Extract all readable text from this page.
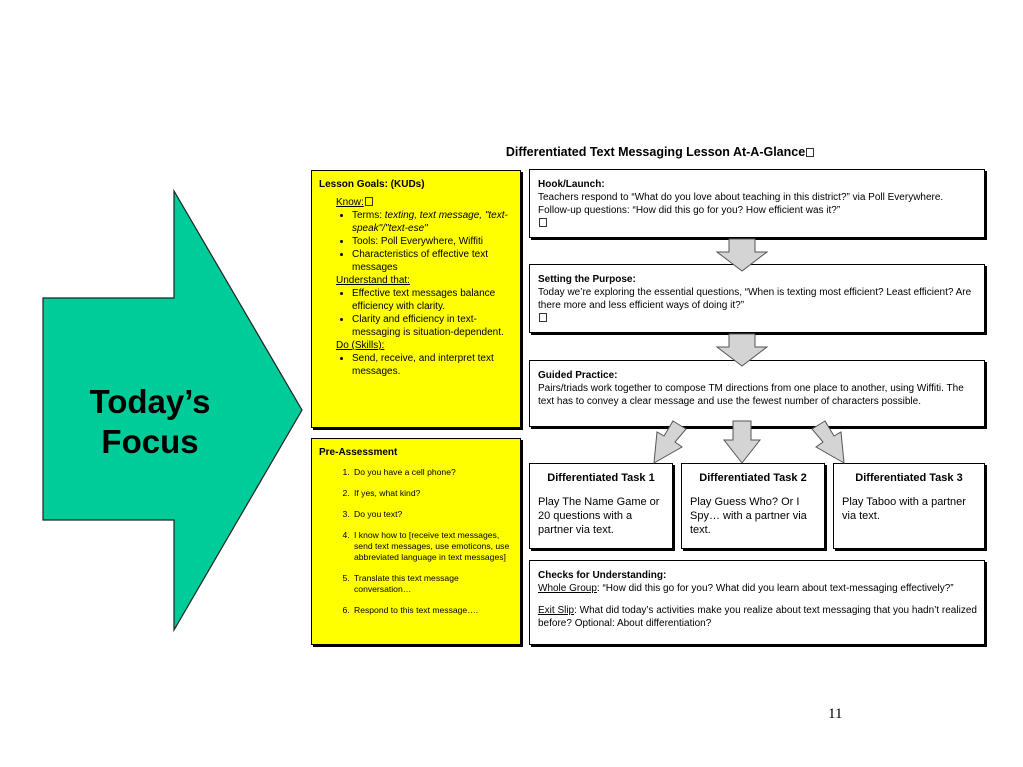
Today’s
Focus
Differentiated Text Messaging Lesson At-A-Glance
Lesson Goals: (KUDs)
Know:
• Terms: texting, text message, "text-speak"/"text-ese"
• Tools: Poll Everywhere, Wiffiti
• Characteristics of effective text messages
Understand that:
• Effective text messages balance efficiency with clarity.
• Clarity and efficiency in text-messaging is situation-dependent.
Do (Skills):
• Send, receive, and interpret text messages.
Pre-Assessment
1. Do you have a cell phone?
2. If yes, what kind?
3. Do you text?
4. I know how to [receive text messages, send text messages, use emoticons, use abbreviated language in text messages]
5. Translate this text message conversation…
6. Respond to this text message….
Hook/Launch:
Teachers respond to “What do you love about teaching in this district?” via Poll Everywhere. Follow-up questions: “How did this go for you? How efficient was it?”
Setting the Purpose:
Today we’re exploring the essential questions, “When is texting most efficient? Least efficient? Are there more and less efficient ways of doing it?”
Guided Practice:
Pairs/triads work together to compose TM directions from one place to another, using Wiffiti. The text has to convey a clear message and use the fewest number of characters possible.
Differentiated Task 1
Play The Name Game or 20 questions with a partner via text.
Differentiated Task 2
Play Guess Who? Or I Spy… with a partner via text.
Differentiated Task 3
Play Taboo with a partner via text.
Checks for Understanding:
Whole Group: “How did this go for you? What did you learn about text-messaging effectively?”
Exit Slip: What did today’s activities make you realize about text messaging that you hadn’t realized before? Optional: About differentiation?
11
